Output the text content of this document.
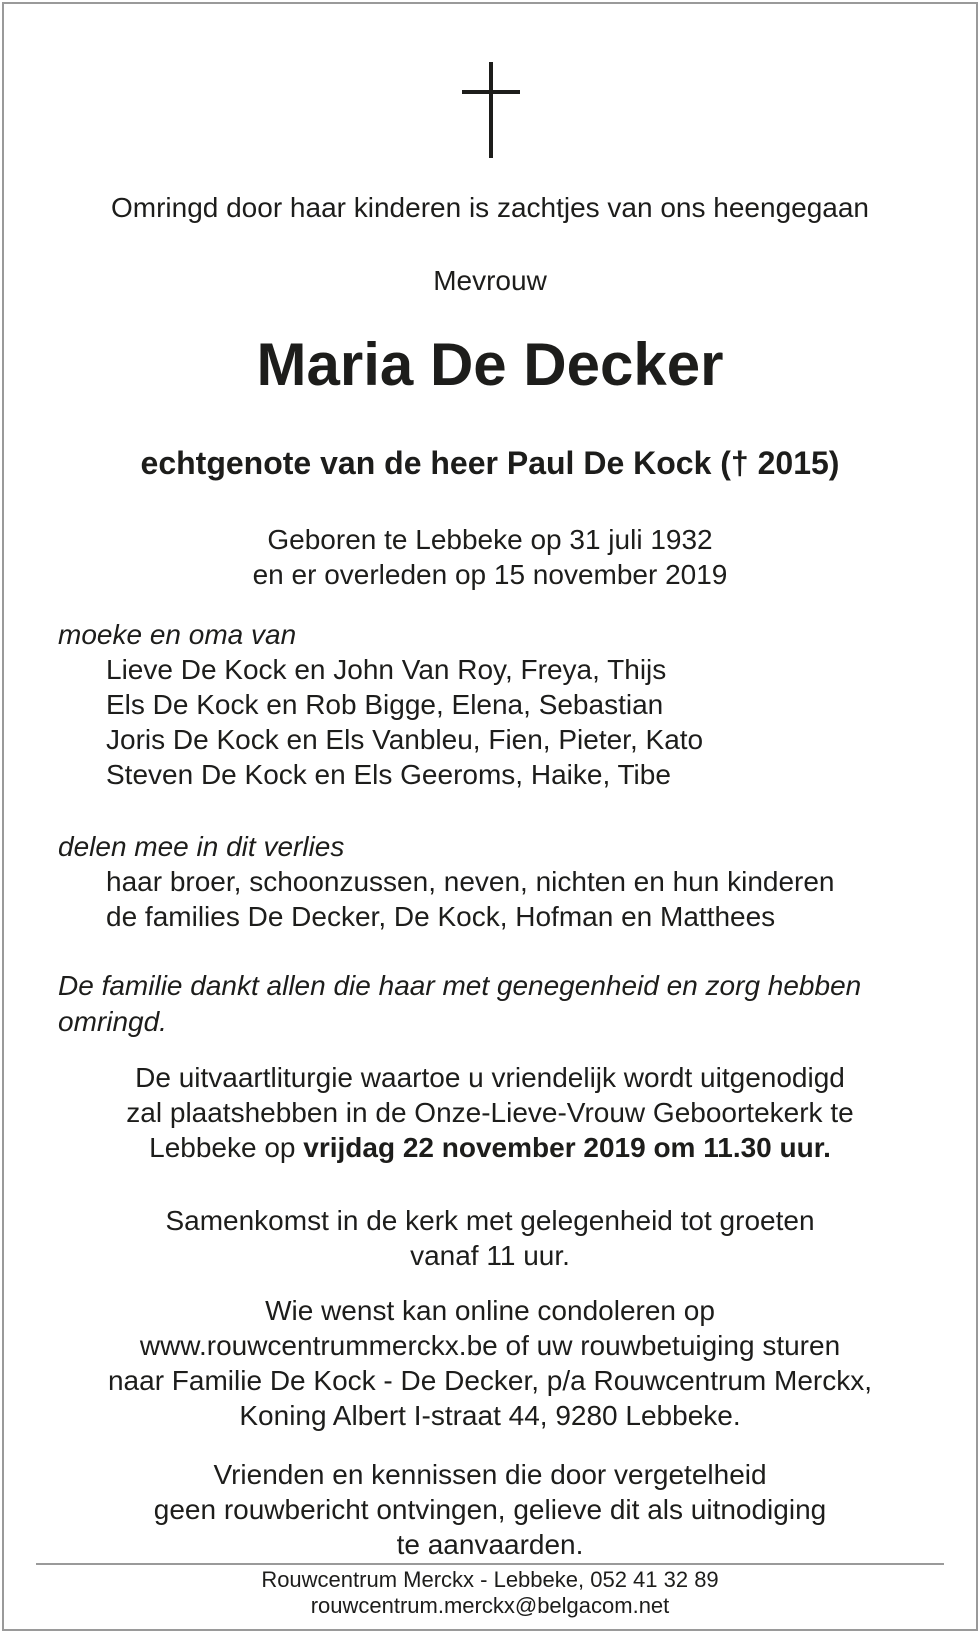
Omringd door haar kinderen is zachtjes van ons heengegaan

Mevrouw

Maria De Decker

echtgenote van de heer Paul De Kock († 2015)

Geboren te Lebbeke op 31 juli 1932
en er overleden op 15 november 2019
moeke en oma van
Lieve De Kock en John Van Roy, Freya, Thijs
Els De Kock en Rob Bigge, Elena, Sebastian
Joris De Kock en Els Vanbleu, Fien, Pieter, Kato
Steven De Kock en Els Geeroms, Haike, Tibe
delen mee in dit verlies
haar broer, schoonzussen, neven, nichten en hun kinderen
de families De Decker, De Kock, Hofman en Matthees

De familie dankt allen die haar met genegenheid en zorg hebben omringd.

De uitvaartliturgie waartoe u vriendelijk wordt uitgenodigd
zal plaatshebben in de Onze-Lieve-Vrouw Geboortekerk te
Lebbeke op vrijdag 22 november 2019 om 11.30 uur.
Samenkomst in de kerk met gelegenheid tot groeten
vanaf 11 uur.
Wie wenst kan online condoleren op
www.rouwcentrummerckx.be of uw rouwbetuiging sturen
naar Familie De Kock - De Decker, p/a Rouwcentrum Merckx,
Koning Albert I-straat 44, 9280 Lebbeke.
Vrienden en kennissen die door vergetelheid
geen rouwbericht ontvingen, gelieve dit als uitnodiging
te aanvaarden.
Rouwcentrum Merckx - Lebbeke, 052 41 32 89
rouwcentrum.merckx@belgacom.net
